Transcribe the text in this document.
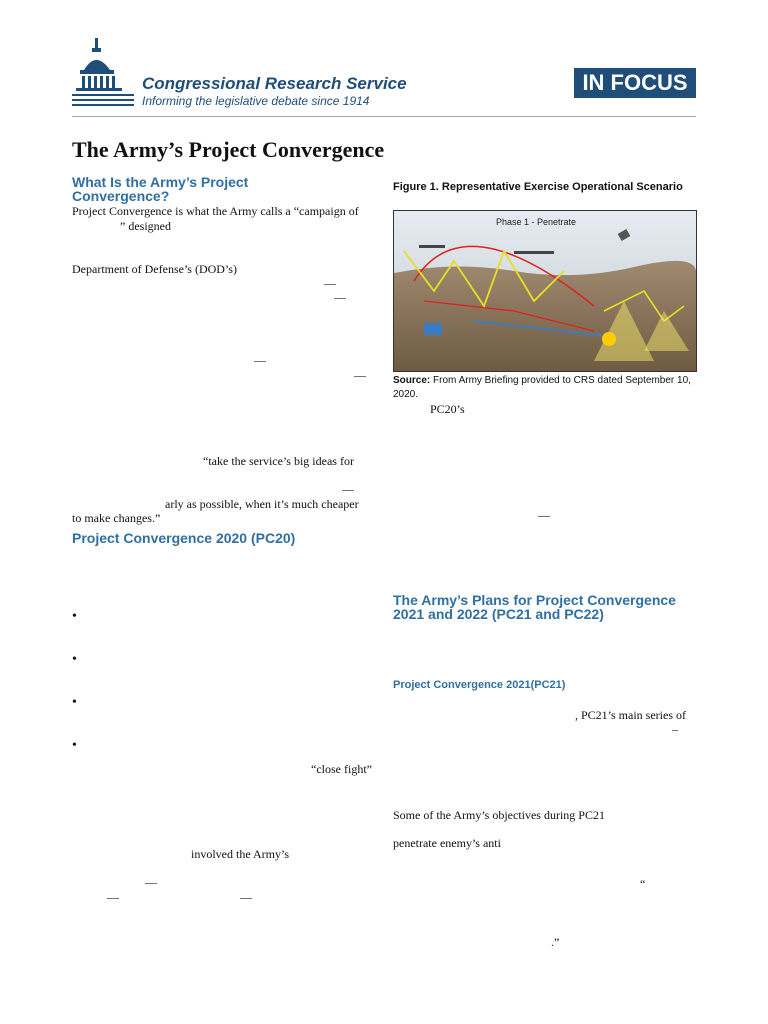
Congressional Research Service
Informing the legislative debate since 1914
IN FOCUS
The Army’s Project Convergence
What Is the Army’s Project Convergence?
Project Convergence is what the Army calls a “campaign of
” designed
Department of Defense’s (DOD’s)
—
—
—
—
“take the service’s big ideas for
—
arly as possible, when it’s much cheaper
to make changes.”
Project Convergence 2020 (PC20)
•
•
•
•
“close fight”
involved the Army’s
—
—	—
Figure 1. Representative Exercise Operational Scenario
Phase 1 - Penetrate
Source: From Army Briefing provided to CRS dated September 10, 2020.
PC20’s
—
The Army’s Plans for Project Convergence 2021 and 2022 (PC21 and PC22)
Project Convergence 2021(PC21)
, PC21’s main series of
–
Some of the Army’s objectives during PC21
penetrate enemy’s anti
“
.”
